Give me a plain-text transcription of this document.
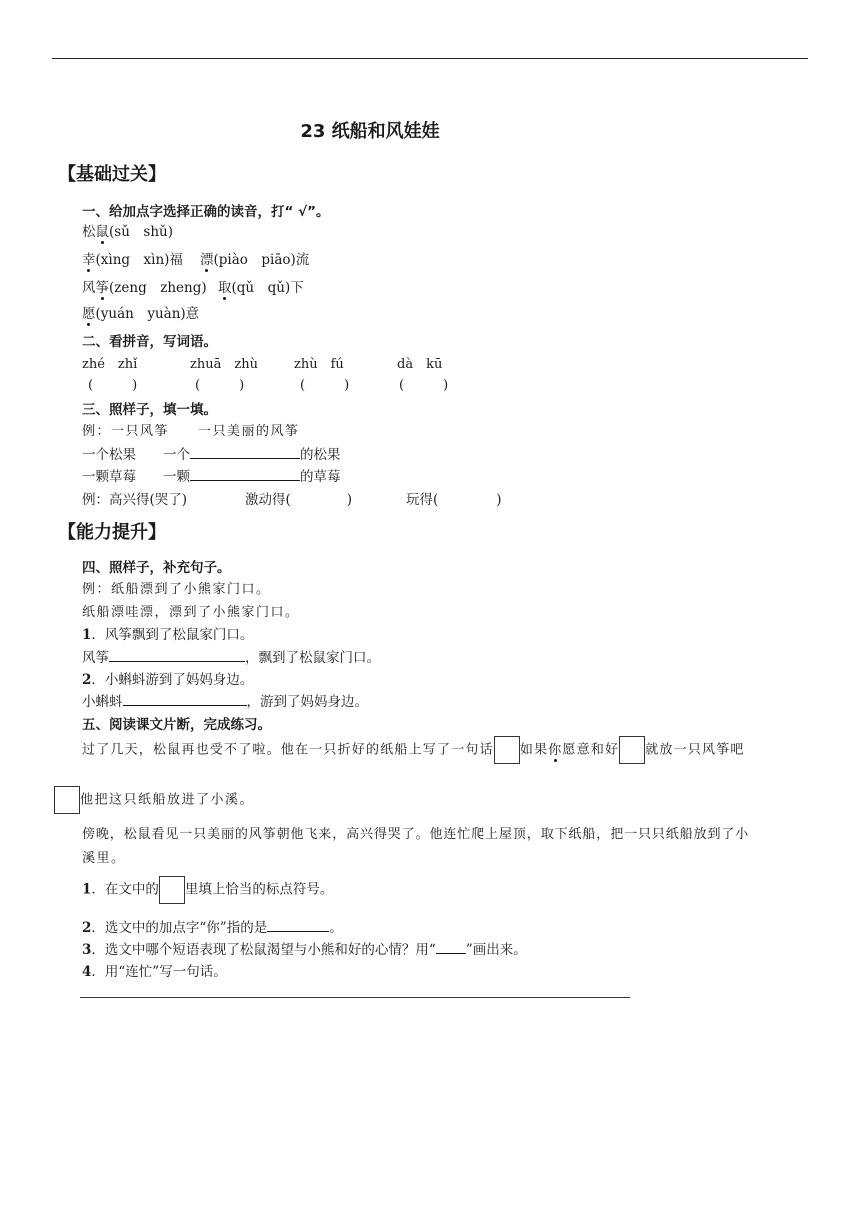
23 纸船和风娃娃
【基础过关】
一、给加点字选择正确的读音，打“ √”。
松鼠(sǔ　shǔ)
幸(xìng　xìn)福 漂(piào　piāo)流
风筝(zeng　zheng) 取(qǔ　qǔ)下
愿(yuán　yuàn)意
二、看拼音，写词语。
zhé　zhǐ	zhuā　zhù	zhù　fú	dà　kū
(　　　)	(　　　)	(　　　)	(　　　)
三、照样子，填一填。
例：一只风筝　　一只美丽的风筝
一个松果　　一个	的松果
一颗草莓　　一颗	的草莓
例：高兴得(哭了)	激动得(	)	玩得(	)
【能力提升】
四、照样子，补充句子。
例：纸船漂到了小熊家门口。
纸船漂哇漂，漂到了小熊家门口。
1．风筝飘到了松鼠家门口。
风筝	，飘到了松鼠家门口。
2．小蝌蚪游到了妈妈身边。
小蝌蚪	，游到了妈妈身边。
五、阅读课文片断，完成练习。
过了几天，松鼠再也受不了啦。他在一只折好的纸船上写了一句话 如果你愿意和好 就放一只风筝吧
他把这只纸船放进了小溪。
傍晚，松鼠看见一只美丽的风筝朝他飞来，高兴得哭了。他连忙爬上屋顶，取下纸船，把一只只纸船放到了小
溪里。
1．在文中的 里填上恰当的标点符号。
2．选文中的加点字“你”指的是	。
3．选文中哪个短语表现了松鼠渴望与小熊和好的心情？用“ ”画出来。
4．用“连忙”写一句话。
